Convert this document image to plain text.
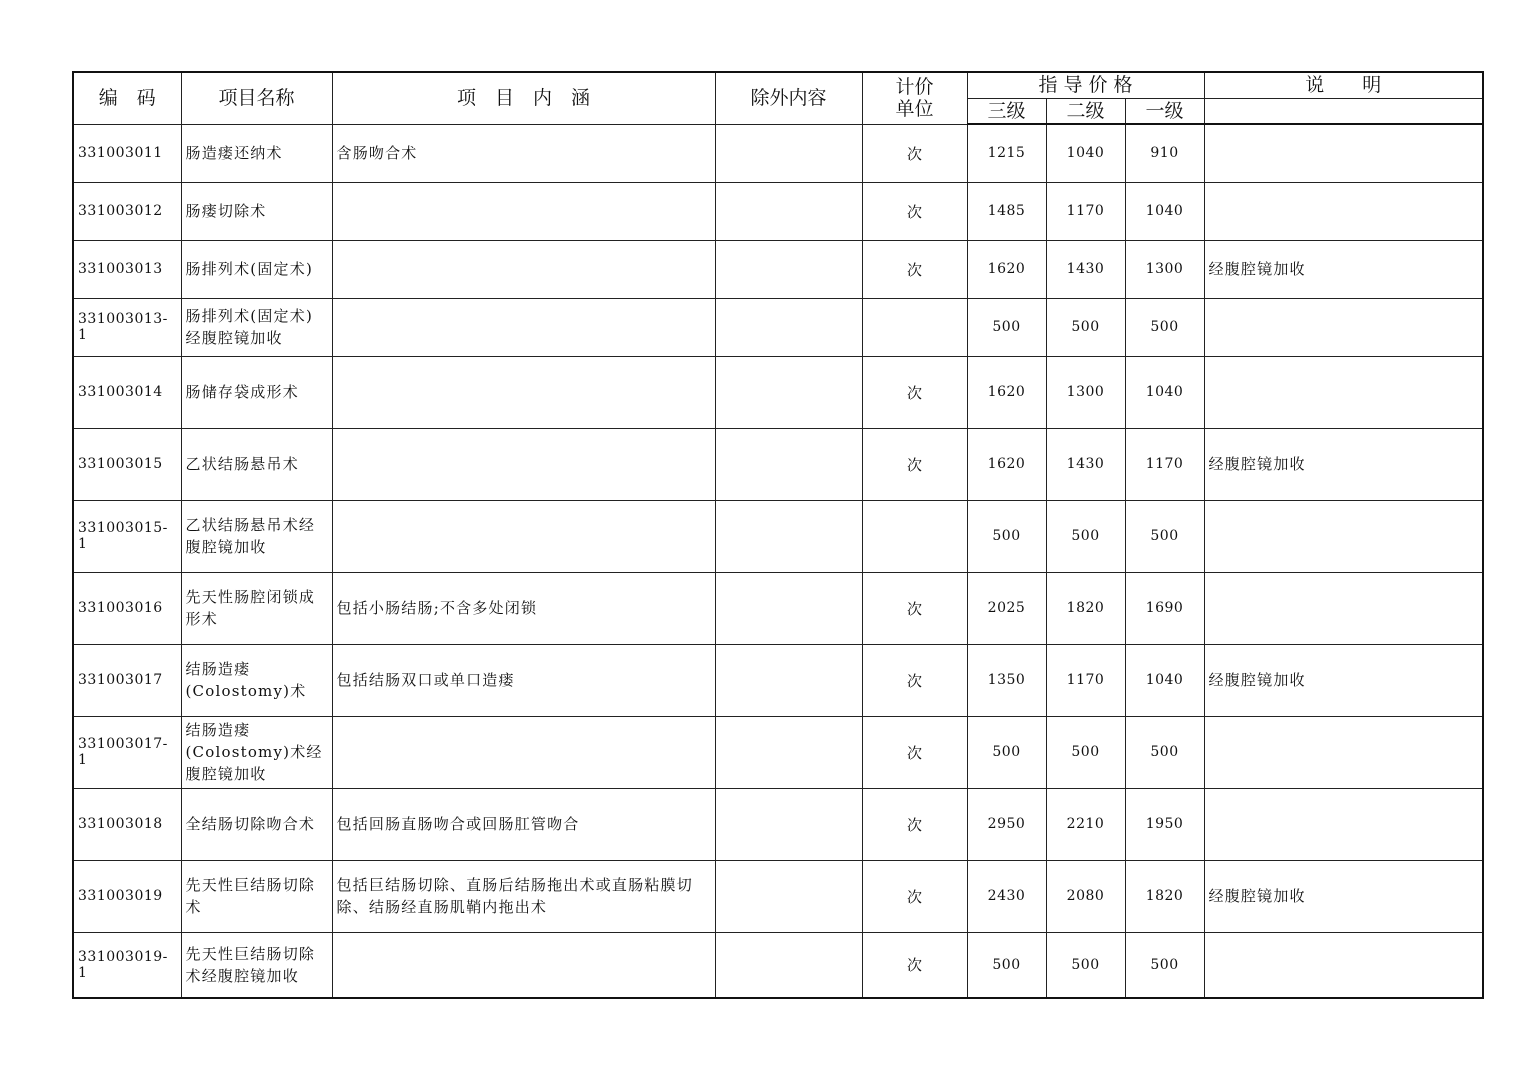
编　码	项目名称	项　目　内　涵	除外内容	计价
单位	指 导 价 格			说　　明
					三级	二级	一级	
331003011	肠造瘘还纳术	含肠吻合术		次	1215	1040	910	
331003012	肠瘘切除术			次	1485	1170	1040	
331003013	肠排列术(固定术)			次	1620	1430	1300	经腹腔镜加收
331003013-1	肠排列术(固定术)经腹腔镜加收				500	500	500	
331003014	肠储存袋成形术			次	1620	1300	1040	
331003015	乙状结肠悬吊术			次	1620	1430	1170	经腹腔镜加收
331003015-1	乙状结肠悬吊术经腹腔镜加收				500	500	500	
331003016	先天性肠腔闭锁成形术	包括小肠结肠;不含多处闭锁		次	2025	1820	1690	
331003017	结肠造瘘(Colostomy)术	包括结肠双口或单口造瘘		次	1350	1170	1040	经腹腔镜加收
331003017-1	结肠造瘘(Colostomy)术经腹腔镜加收			次	500	500	500	
331003018	全结肠切除吻合术	包括回肠直肠吻合或回肠肛管吻合		次	2950	2210	1950	
331003019	先天性巨结肠切除术	包括巨结肠切除、直肠后结肠拖出术或直肠粘膜切除、结肠经直肠肌鞘内拖出术		次	2430	2080	1820	经腹腔镜加收
331003019-1	先天性巨结肠切除术经腹腔镜加收			次	500	500	500	
